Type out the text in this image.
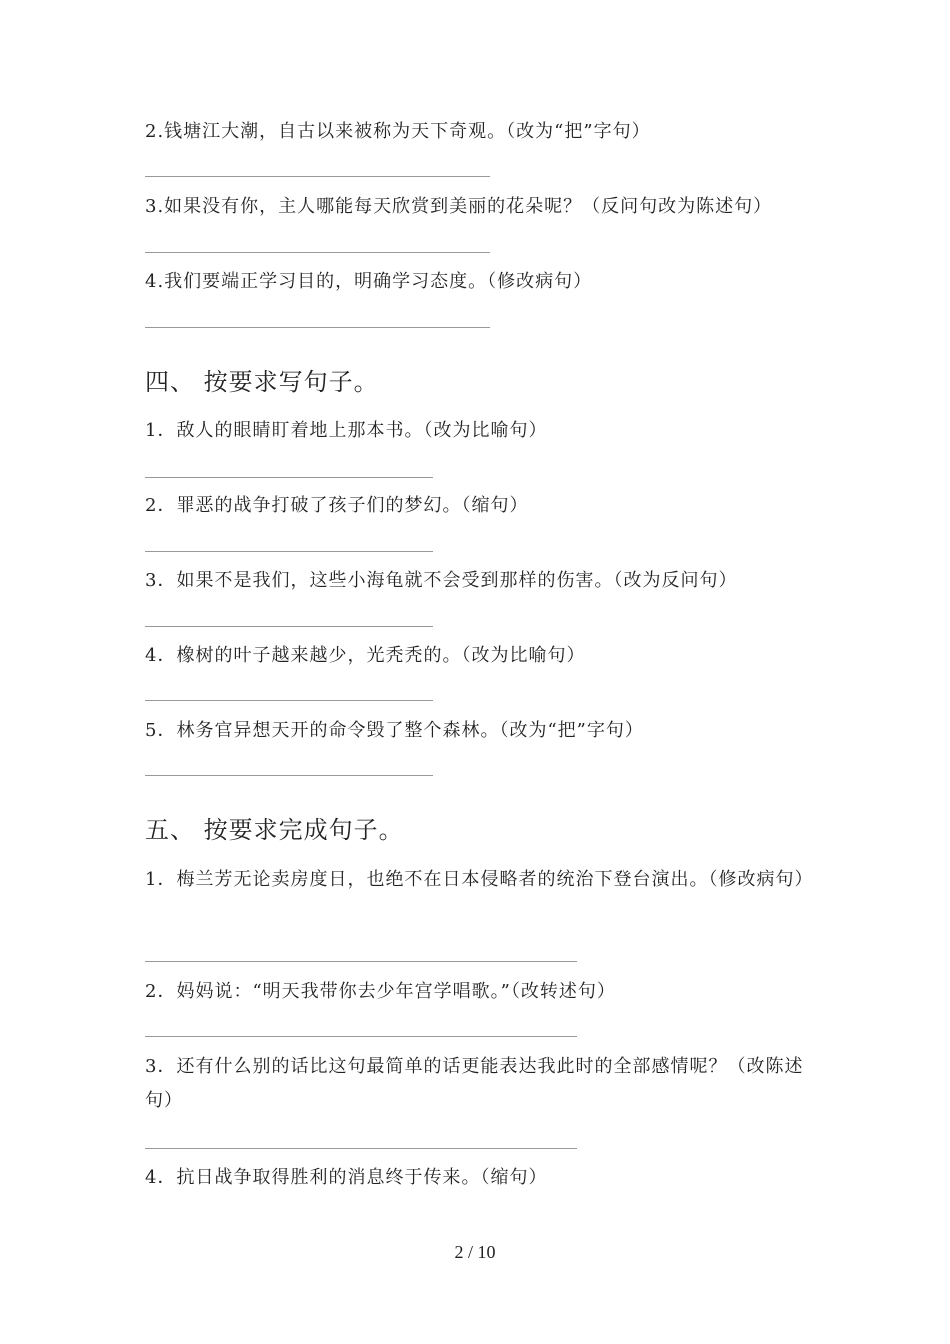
2.钱塘江大潮，自古以来被称为天下奇观。（改为“把”字句）
3.如果没有你，主人哪能每天欣赏到美丽的花朵呢？（反问句改为陈述句）
4.我们要端正学习目的，明确学习态度。（修改病句）
四、 按要求写句子。
1．敌人的眼睛盯着地上那本书。（改为比喻句）
2．罪恶的战争打破了孩子们的梦幻。（缩句）
3．如果不是我们，这些小海龟就不会受到那样的伤害。（改为反问句）
4．橡树的叶子越来越少，光秃秃的。（改为比喻句）
5．林务官异想天开的命令毁了整个森林。（改为“把”字句）
五、 按要求完成句子。
1．梅兰芳无论卖房度日，也绝不在日本侵略者的统治下登台演出。（修改病句）
2．妈妈说：“明天我带你去少年宫学唱歌。”（改转述句）
3．还有什么别的话比这句最简单的话更能表达我此时的全部感情呢？（改陈述句）
4．抗日战争取得胜利的消息终于传来。（缩句）
2 / 10
